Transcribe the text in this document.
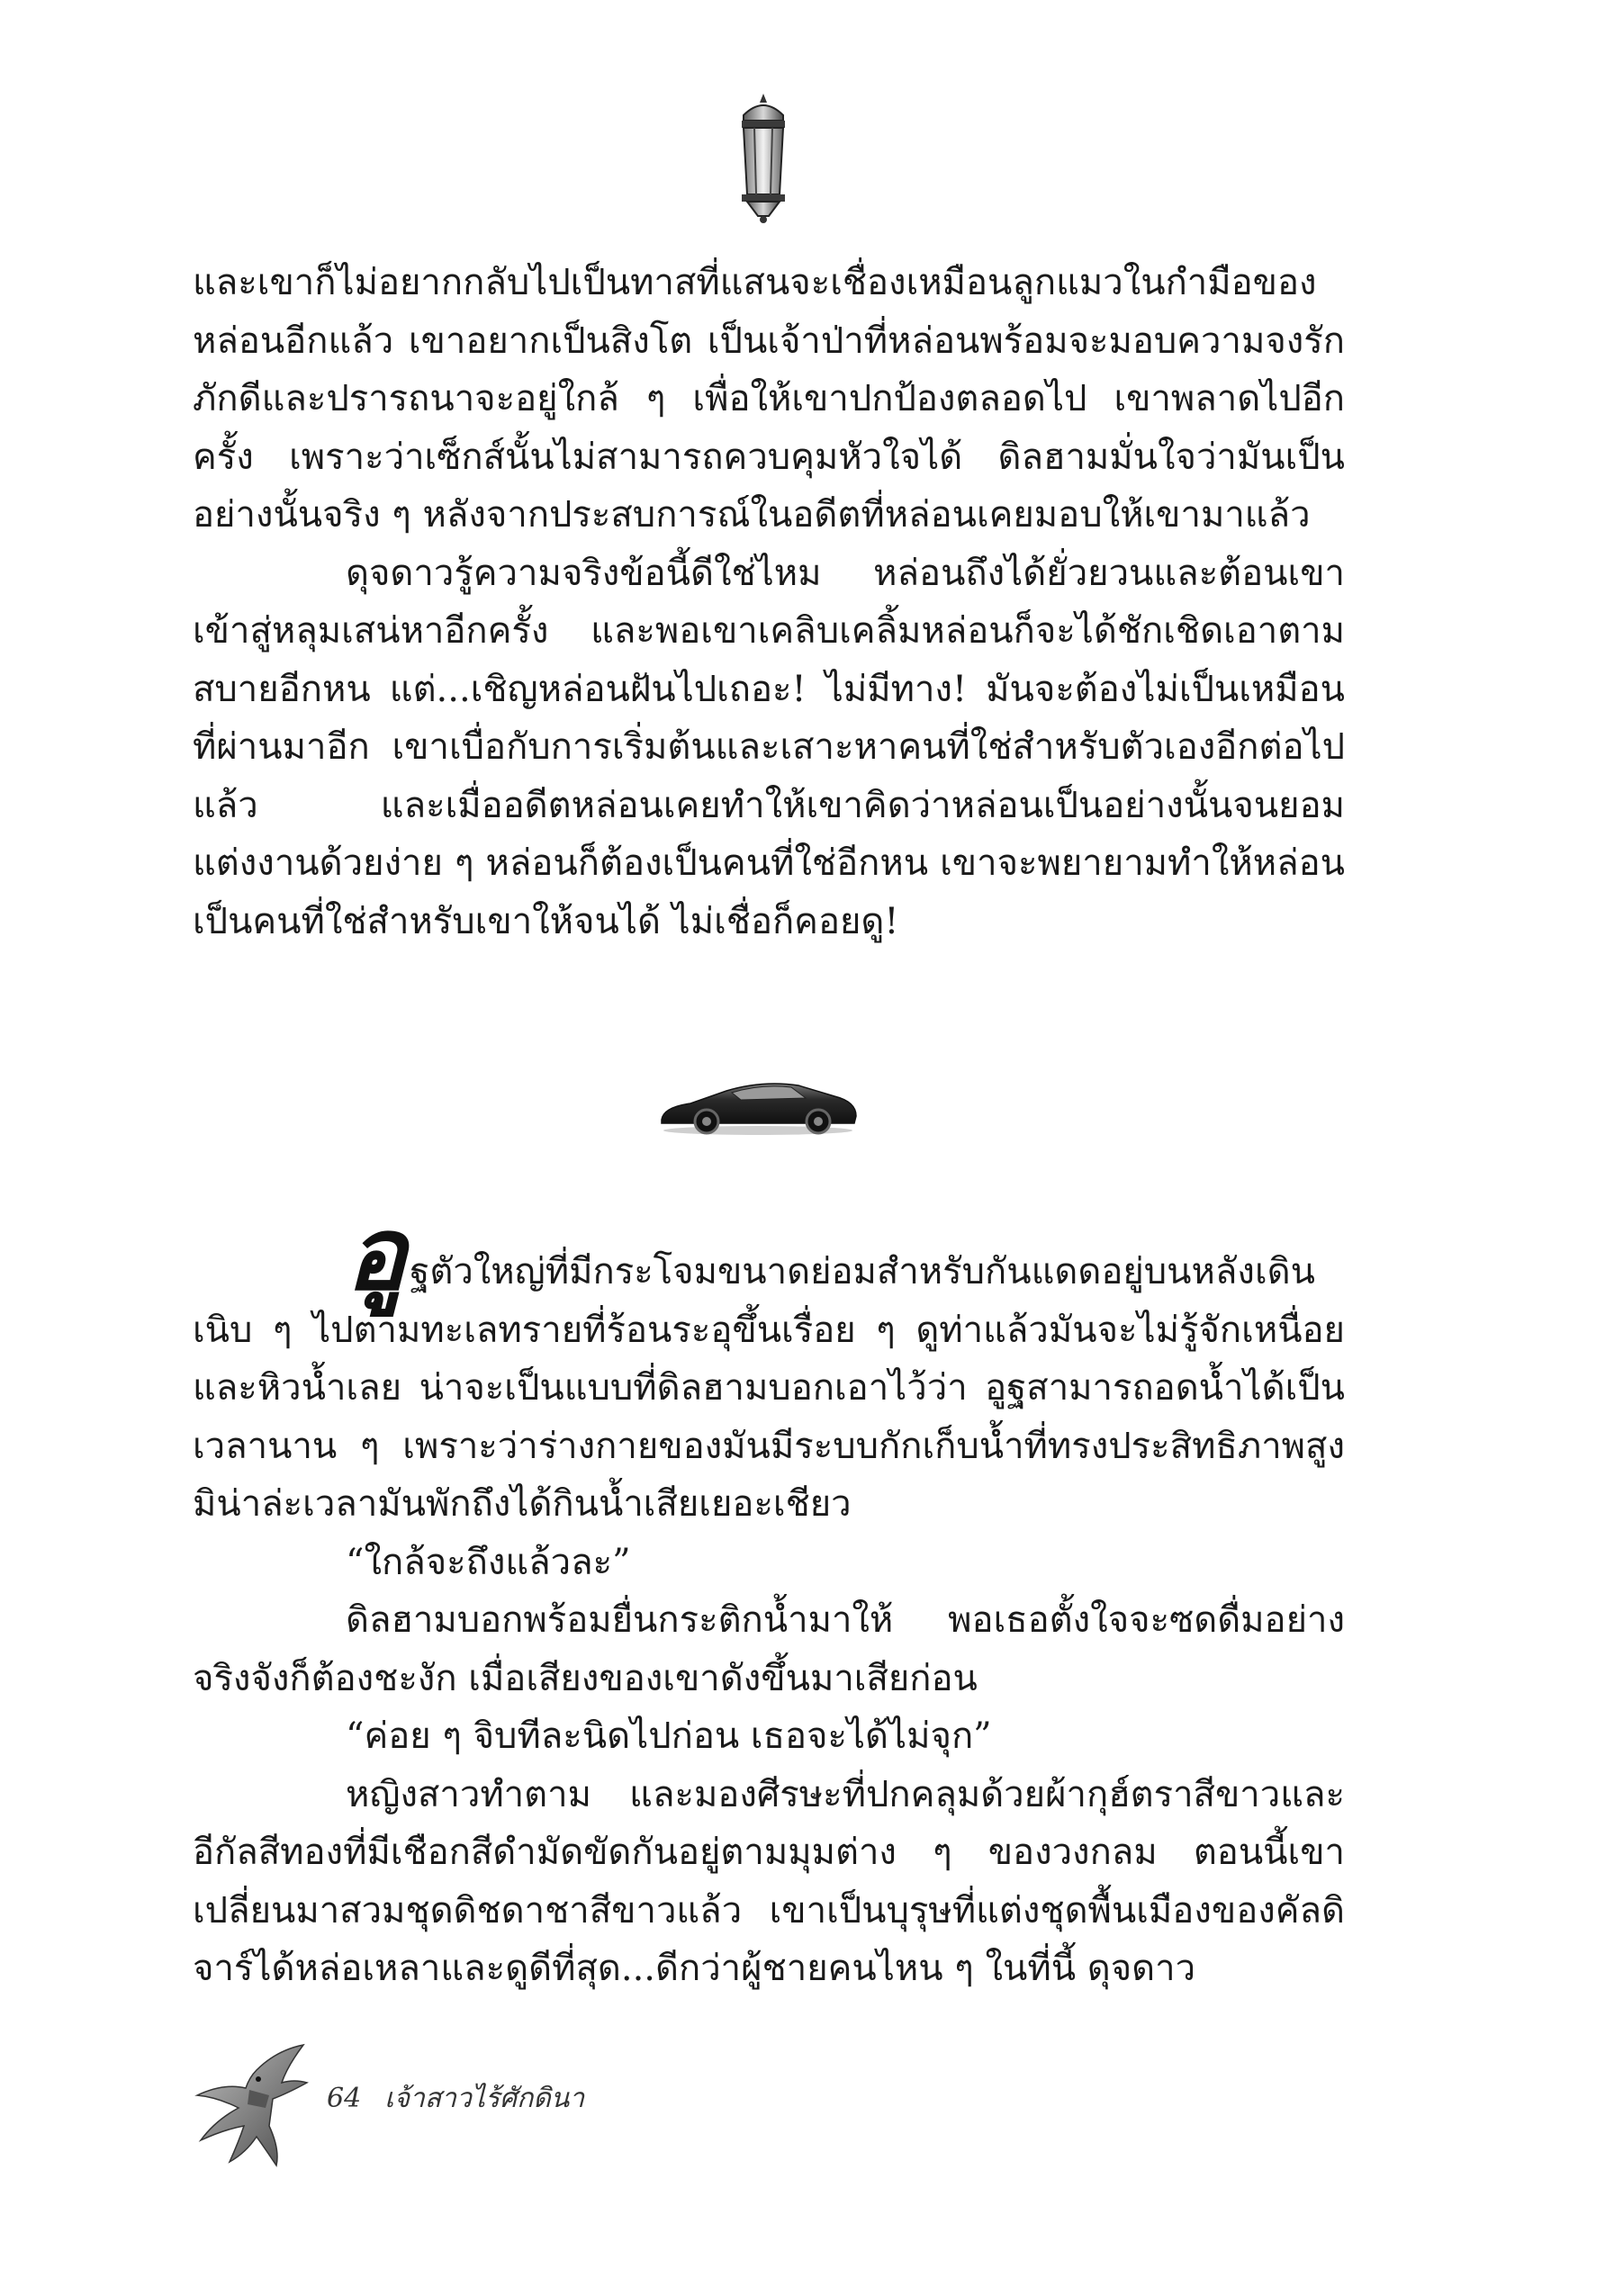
และเขาก็ไม่อยากกลับไปเป็นทาสที่แสนจะเชื่องเหมือนลูกแมวในกำมือของหล่อนอีกแล้ว เขาอยากเป็นสิงโต เป็นเจ้าป่าที่หล่อนพร้อมจะมอบความจงรักภักดีและปรารถนาจะอยู่ใกล้ ๆ เพื่อให้เขาปกป้องตลอดไป เขาพลาดไปอีกครั้ง เพราะว่าเซ็กส์นั้นไม่สามารถควบคุมหัวใจได้ ดิลฮามมั่นใจว่ามันเป็นอย่างนั้นจริง ๆ หลังจากประสบการณ์ในอดีตที่หล่อนเคยมอบให้เขามาแล้ว

ดุจดาวรู้ความจริงข้อนี้ดีใช่ไหม หล่อนถึงได้ยั่วยวนและต้อนเขาเข้าสู่หลุมเสน่หาอีกครั้ง และพอเขาเคลิบเคลิ้มหล่อนก็จะได้ชักเชิดเอาตามสบายอีกหน แต่...เชิญหล่อนฝันไปเถอะ! ไม่มีทาง! มันจะต้องไม่เป็นเหมือนที่ผ่านมาอีก เขาเบื่อกับการเริ่มต้นและเสาะหาคนที่ใช่สำหรับตัวเองอีกต่อไปแล้ว และเมื่ออดีตหล่อนเคยทำให้เขาคิดว่าหล่อนเป็นอย่างนั้นจนยอมแต่งงานด้วยง่าย ๆ หล่อนก็ต้องเป็นคนที่ใช่อีกหน เขาจะพยายามทำให้หล่อนเป็นคนที่ใช่สำหรับเขาให้จนได้ ไม่เชื่อก็คอยดู!

อูฐตัวใหญ่ที่มีกระโจมขนาดย่อมสำหรับกันแดดอยู่บนหลังเดินเนิบ ๆ ไปตามทะเลทรายที่ร้อนระอุขึ้นเรื่อย ๆ ดูท่าแล้วมันจะไม่รู้จักเหนื่อยและหิวน้ำเลย น่าจะเป็นแบบที่ดิลฮามบอกเอาไว้ว่า อูฐสามารถอดน้ำได้เป็นเวลานาน ๆ เพราะว่าร่างกายของมันมีระบบกักเก็บน้ำที่ทรงประสิทธิภาพสูง มิน่าล่ะเวลามันพักถึงได้กินน้ำเสียเยอะเชียว

“ใกล้จะถึงแล้วละ”

ดิลฮามบอกพร้อมยื่นกระติกน้ำมาให้ พอเธอตั้งใจจะซดดื่มอย่างจริงจังก็ต้องชะงัก เมื่อเสียงของเขาดังขึ้นมาเสียก่อน

“ค่อย ๆ จิบทีละนิดไปก่อน เธอจะได้ไม่จุก”

หญิงสาวทำตาม และมองศีรษะที่ปกคลุมด้วยผ้ากุฮ์ตราสีขาวและอีกัลสีทองที่มีเชือกสีดำมัดขัดกันอยู่ตามมุมต่าง ๆ ของวงกลม ตอนนี้เขาเปลี่ยนมาสวมชุดดิชดาชาสีขาวแล้ว เขาเป็นบุรุษที่แต่งชุดพื้นเมืองของคัลดิจาร์ได้หล่อเหลาและดูดีที่สุด...ดีกว่าผู้ชายคนไหน ๆ ในที่นี้ ดุจดาว

64 เจ้าสาวไร้ศักดินา
